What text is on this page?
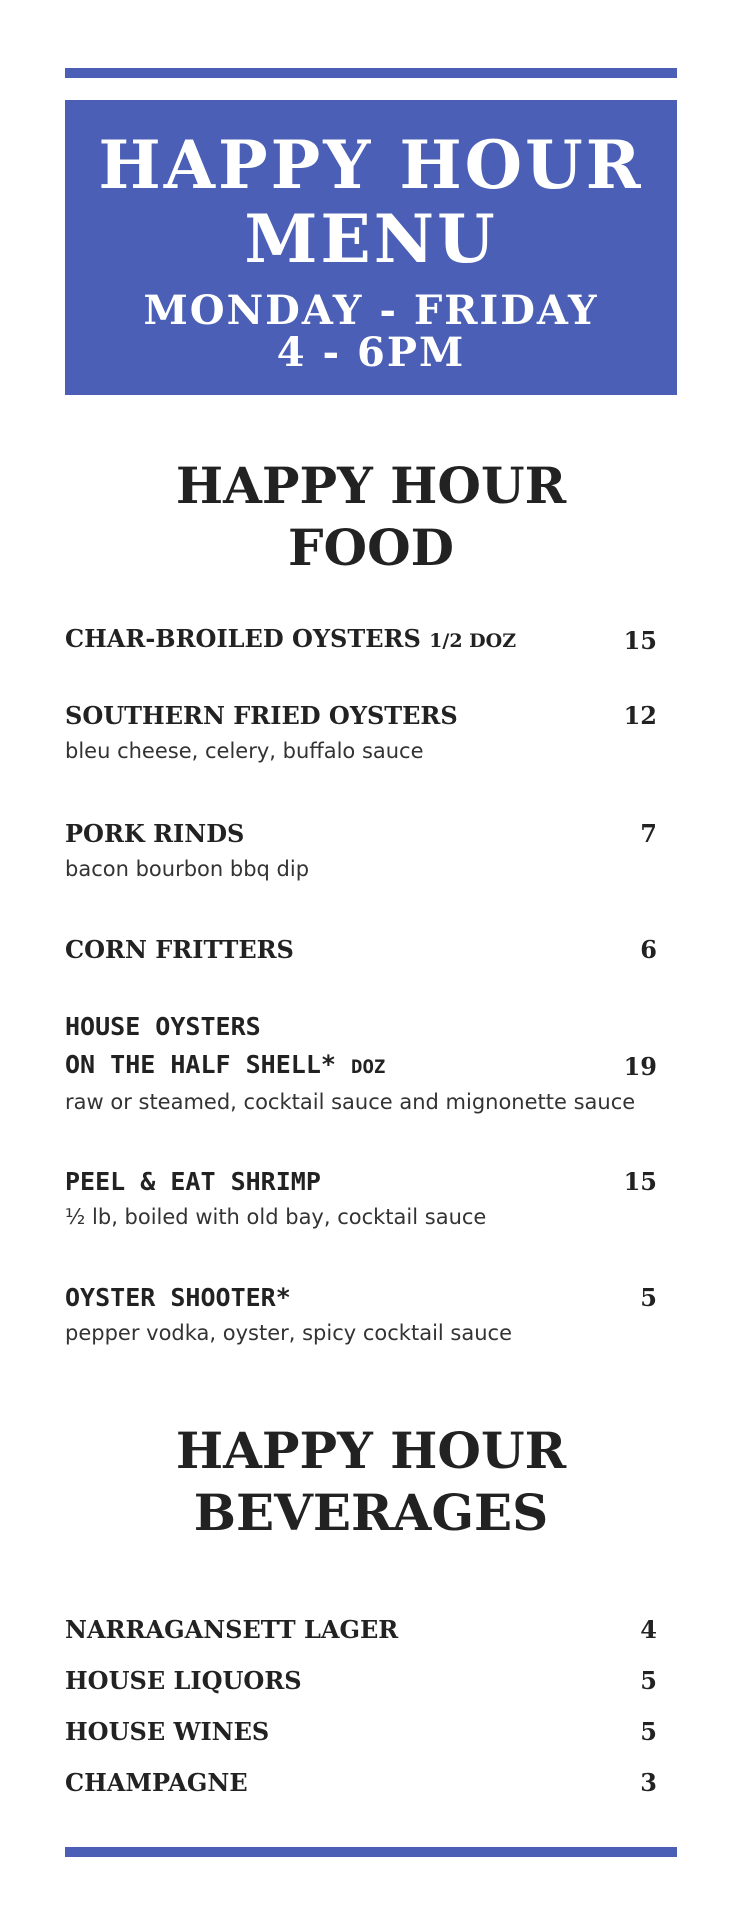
HAPPY HOUR
MENU
MONDAY - FRIDAY
4 - 6PM
HAPPY HOUR
FOOD
CHAR-BROILED OYSTERS 1/2 DOZ	15
SOUTHERN FRIED OYSTERS	12
bleu cheese, celery, buffalo sauce
PORK RINDS	7
bacon bourbon bbq dip
CORN FRITTERS	6
HOUSE OYSTERS
ON THE HALF SHELL* DOZ	19
raw or steamed, cocktail sauce and mignonette sauce
PEEL & EAT SHRIMP	15
½ lb, boiled with old bay, cocktail sauce
OYSTER SHOOTER*	5
pepper vodka, oyster, spicy cocktail sauce
HAPPY HOUR
BEVERAGES
NARRAGANSETT LAGER	4
HOUSE LIQUORS	5
HOUSE WINES	5
CHAMPAGNE	3
